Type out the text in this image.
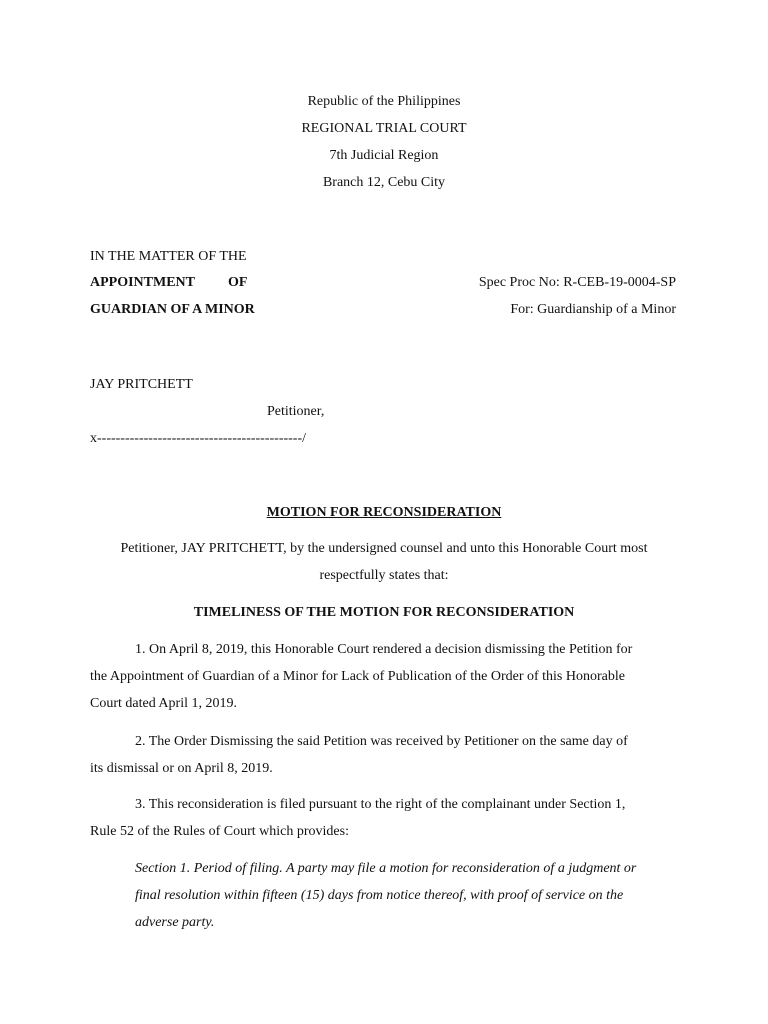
Republic of the Philippines
REGIONAL TRIAL COURT
7th Judicial Region
Branch 12, Cebu City
IN THE MATTER OF THE
APPOINTMENT OF
GUARDIAN OF A MINOR
Spec Proc No: R-CEB-19-0004-SP
For: Guardianship of a Minor
JAY PRITCHETT
Petitioner,
x--------------------------------------------/
MOTION FOR RECONSIDERATION
Petitioner, JAY PRITCHETT, by the undersigned counsel and unto this Honorable Court most
respectfully states that:
TIMELINESS OF THE MOTION FOR RECONSIDERATION
1. On April 8, 2019, this Honorable Court rendered a decision dismissing the Petition for
the Appointment of Guardian of a Minor for Lack of Publication of the Order of this Honorable
Court dated April 1, 2019.
2. The Order Dismissing the said Petition was received by Petitioner on the same day of
its dismissal or on April 8, 2019.
3. This reconsideration is filed pursuant to the right of the complainant under Section 1,
Rule 52 of the Rules of Court which provides:
Section 1. Period of filing. A party may file a motion for reconsideration of a judgment or
final resolution within fifteen (15) days from notice thereof, with proof of service on the
adverse party.
